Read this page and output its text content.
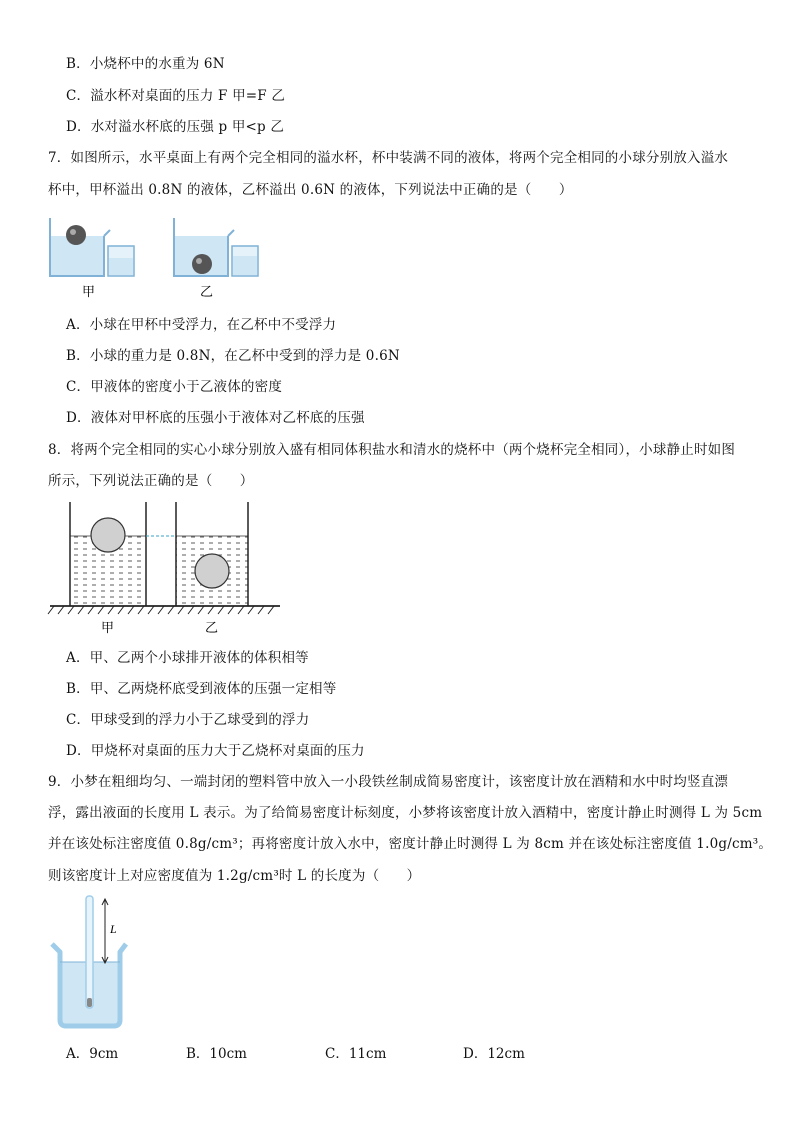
B．小烧杯中的水重为 6N
C．溢水杯对桌面的压力 F 甲=F 乙
D．水对溢水杯底的压强 p 甲<p 乙
7．如图所示，水平桌面上有两个完全相同的溢水杯，杯中装满不同的液体，将两个完全相同的小球分别放入溢水
杯中，甲杯溢出 0.8N 的液体，乙杯溢出 0.6N 的液体，下列说法中正确的是（　　）
甲	乙
A．小球在甲杯中受浮力，在乙杯中不受浮力
B．小球的重力是 0.8N，在乙杯中受到的浮力是 0.6N
C．甲液体的密度小于乙液体的密度
D．液体对甲杯底的压强小于液体对乙杯底的压强
8．将两个完全相同的实心小球分别放入盛有相同体积盐水和清水的烧杯中（两个烧杯完全相同），小球静止时如图
所示，下列说法正确的是（　　）
甲	乙
A．甲、乙两个小球排开液体的体积相等
B．甲、乙两烧杯底受到液体的压强一定相等
C．甲球受到的浮力小于乙球受到的浮力
D．甲烧杯对桌面的压力大于乙烧杯对桌面的压力
9．小梦在粗细均匀、一端封闭的塑料管中放入一小段铁丝制成简易密度计，该密度计放在酒精和水中时均竖直漂
浮，露出液面的长度用 L 表示。为了给简易密度计标刻度，小梦将该密度计放入酒精中，密度计静止时测得 L 为 5cm
并在该处标注密度值 0.8g/cm³；再将密度计放入水中，密度计静止时测得 L 为 8cm 并在该处标注密度值 1.0g/cm³。
则该密度计上对应密度值为 1.2g/cm³时 L 的长度为（　　）
L
A．9cm	B．10cm	C．11cm	D．12cm
